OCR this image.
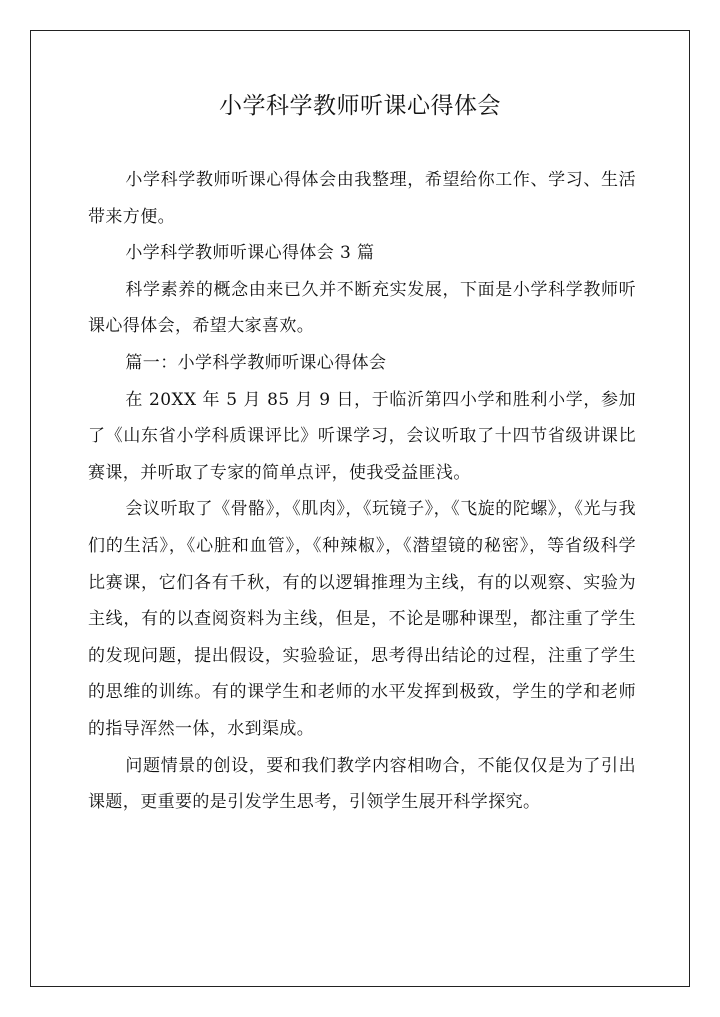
小学科学教师听课心得体会

小学科学教师听课心得体会由我整理，希望给你工作、学习、生活带来方便。

小学科学教师听课心得体会 3 篇

科学素养的概念由来已久并不断充实发展，下面是小学科学教师听课心得体会，希望大家喜欢。

篇一：小学科学教师听课心得体会

在 20XX 年 5 月 85 月 9 日，于临沂第四小学和胜利小学，参加了《山东省小学科质课评比》听课学习，会议听取了十四节省级讲课比赛课，并听取了专家的简单点评，使我受益匪浅。

会议听取了《骨骼》，《肌肉》，《玩镜子》，《飞旋的陀螺》，《光与我们的生活》，《心脏和血管》，《种辣椒》，《潜望镜的秘密》，等省级科学比赛课，它们各有千秋，有的以逻辑推理为主线，有的以观察、实验为主线，有的以查阅资料为主线，但是，不论是哪种课型，都注重了学生的发现问题，提出假设，实验验证，思考得出结论的过程，注重了学生的思维的训练。有的课学生和老师的水平发挥到极致，学生的学和老师的指导浑然一体，水到渠成。

问题情景的创设，要和我们教学内容相吻合，不能仅仅是为了引出课题，更重要的是引发学生思考，引领学生展开科学探究。
